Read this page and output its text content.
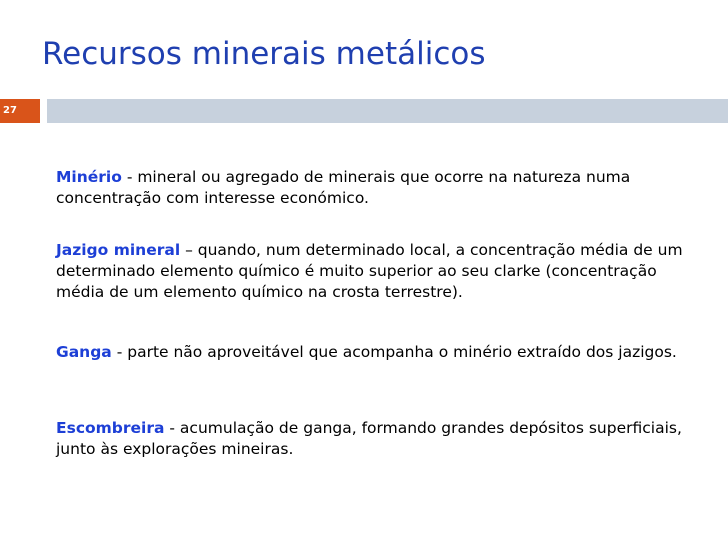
Recursos minerais metálicos
27

Minério - mineral ou agregado de minerais que ocorre na natureza numa concentração com interesse económico.

Jazigo mineral – quando, num determinado local, a concentração média de um determinado elemento químico é muito superior ao seu clarke (concentração média de um elemento químico na crosta terrestre).

Ganga - parte não aproveitável que acompanha o minério extraído dos jazigos.

Escombreira - acumulação de ganga, formando grandes depósitos superficiais, junto às explorações mineiras.
